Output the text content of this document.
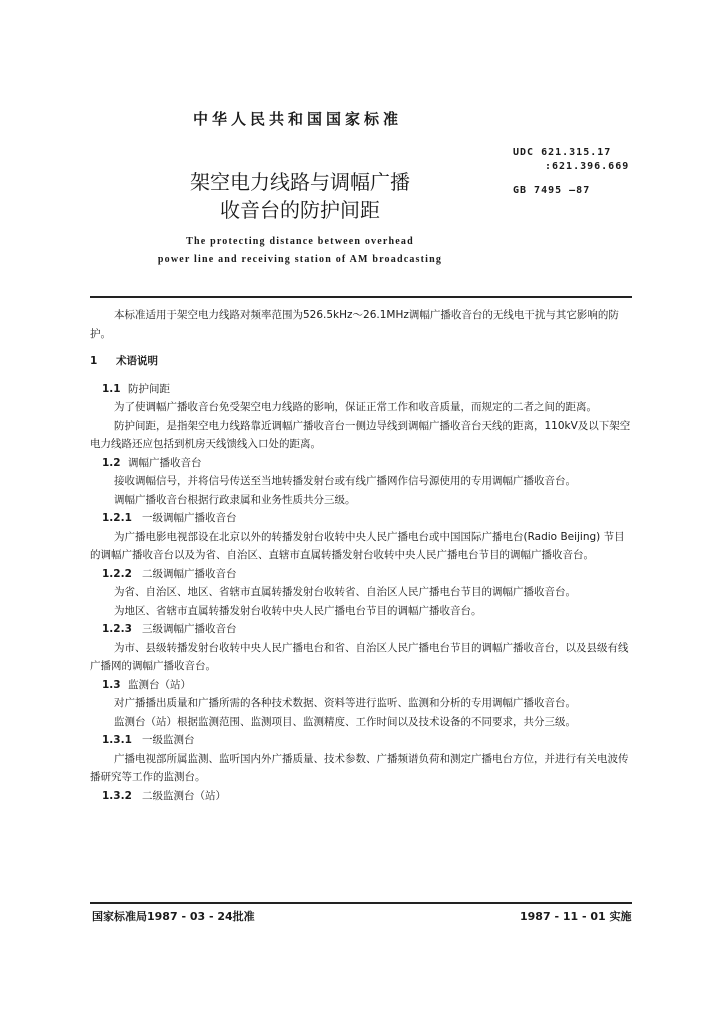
中华人民共和国国家标准
UDC 621.315.17
:621.396.669
GB 7495 —87
架空电力线路与调幅广播
收音台的防护间距
The protecting distance between overhead
power line and receiving station of AM broadcasting

本标准适用于架空电力线路对频率范围为526.5kHz～26.1MHz调幅广播收音台的无线电干扰与其它影响的防护。

1 术语说明

1.1 防护间距

为了使调幅广播收音台免受架空电力线路的影响，保证正常工作和收音质量，而规定的二者之间的距离。

防护间距，是指架空电力线路靠近调幅广播收音台一侧边导线到调幅广播收音台天线的距离，110kV及以下架空电力线路还应包括到机房天线馈线入口处的距离。

1.2 调幅广播收音台

接收调幅信号，并将信号传送至当地转播发射台或有线广播网作信号源使用的专用调幅广播收音台。

调幅广播收音台根据行政隶属和业务性质共分三级。

1.2.1 一级调幅广播收音台

为广播电影电视部设在北京以外的转播发射台收转中央人民广播电台或中国国际广播电台(Radio Beijing) 节目的调幅广播收音台以及为省、自治区、直辖市直属转播发射台收转中央人民广播电台节目的调幅广播收音台。

1.2.2 二级调幅广播收音台

为省、自治区、地区、省辖市直属转播发射台收转省、自治区人民广播电台节目的调幅广播收音台。

为地区、省辖市直属转播发射台收转中央人民广播电台节目的调幅广播收音台。

1.2.3 三级调幅广播收音台

为市、县级转播发射台收转中央人民广播电台和省、自治区人民广播电台节目的调幅广播收音台，以及县级有线广播网的调幅广播收音台。

1.3 监测台（站）

对广播播出质量和广播所需的各种技术数据、资料等进行监听、监测和分析的专用调幅广播收音台。

监测台（站）根据监测范围、监测项目、监测精度、工作时间以及技术设备的不同要求，共分三级。

1.3.1 一级监测台

广播电视部所属监测、监听国内外广播质量、技术参数、广播频谱负荷和测定广播电台方位，并进行有关电波传播研究等工作的监测台。

1.3.2 二级监测台（站）

国家标准局1987 - 03 - 24批准	1987 - 11 - 01 实施
